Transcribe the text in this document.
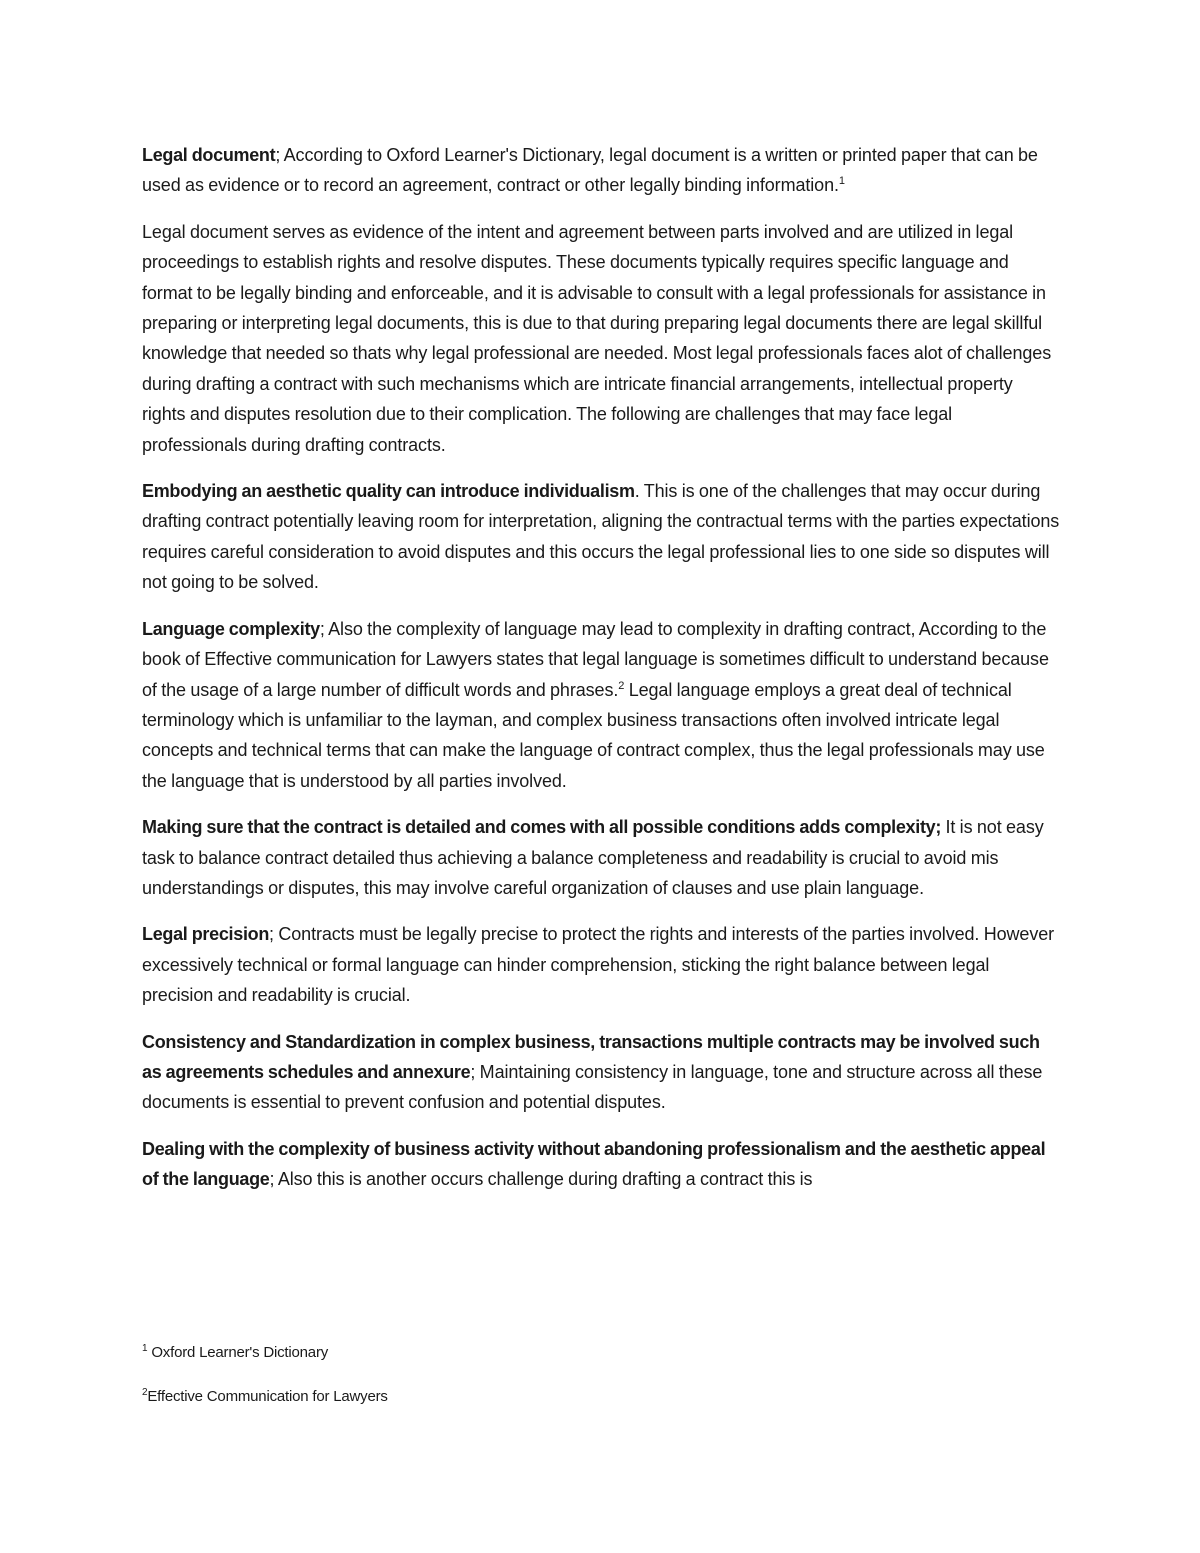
Legal document; According to Oxford Learner's Dictionary, legal document is a written or printed paper that can be used as evidence or to record an agreement, contract or other legally binding information.$^1$

Legal document serves as evidence of the intent and agreement between parts involved and are utilized in legal proceedings to establish rights and resolve disputes. These documents typically requires specific language and format to be legally binding and enforceable, and it is advisable to consult with a legal professionals for assistance in preparing or interpreting legal documents, this is due to that during preparing legal documents there are legal skillful knowledge that needed so thats why legal professional are needed. Most legal professionals faces alot of challenges during drafting a contract with such mechanisms which are intricate financial arrangements, intellectual property rights and disputes resolution due to their complication. The following are challenges that may face legal professionals during drafting contracts.

Embodying an aesthetic quality can introduce individualism. This is one of the challenges that may occur during drafting contract potentially leaving room for interpretation, aligning the contractual terms with the parties expectations requires careful consideration to avoid disputes and this occurs the legal professional lies to one side so disputes will not going to be solved.

Language complexity; Also the complexity of language may lead to complexity in drafting contract, According to the book of Effective communication for Lawyers states that legal language is sometimes difficult to understand because of the usage of a large number of difficult words and phrases.$^2$ Legal language employs a great deal of technical terminology which is unfamiliar to the layman, and complex business transactions often involved intricate legal concepts and technical terms that can make the language of contract complex, thus the legal professionals may use the language that is understood by all parties involved.

Making sure that the contract is detailed and comes with all possible conditions adds complexity; It is not easy task to balance contract detailed thus achieving a balance completeness and readability is crucial to avoid mis understandings or disputes, this may involve careful organization of clauses and use plain language.

Legal precision; Contracts must be legally precise to protect the rights and interests of the parties involved. However excessively technical or formal language can hinder comprehension, sticking the right balance between legal precision and readability is crucial.

Consistency and Standardization in complex business, transactions multiple contracts may be involved such as agreements schedules and annexure; Maintaining consistency in language, tone and structure across all these documents is essential to prevent confusion and potential disputes.

Dealing with the complexity of business activity without abandoning professionalism and the aesthetic appeal of the language; Also this is another occurs challenge during drafting a contract this is

$^1$ Oxford Learner's Dictionary

$^2$Effective Communication for Lawyers
